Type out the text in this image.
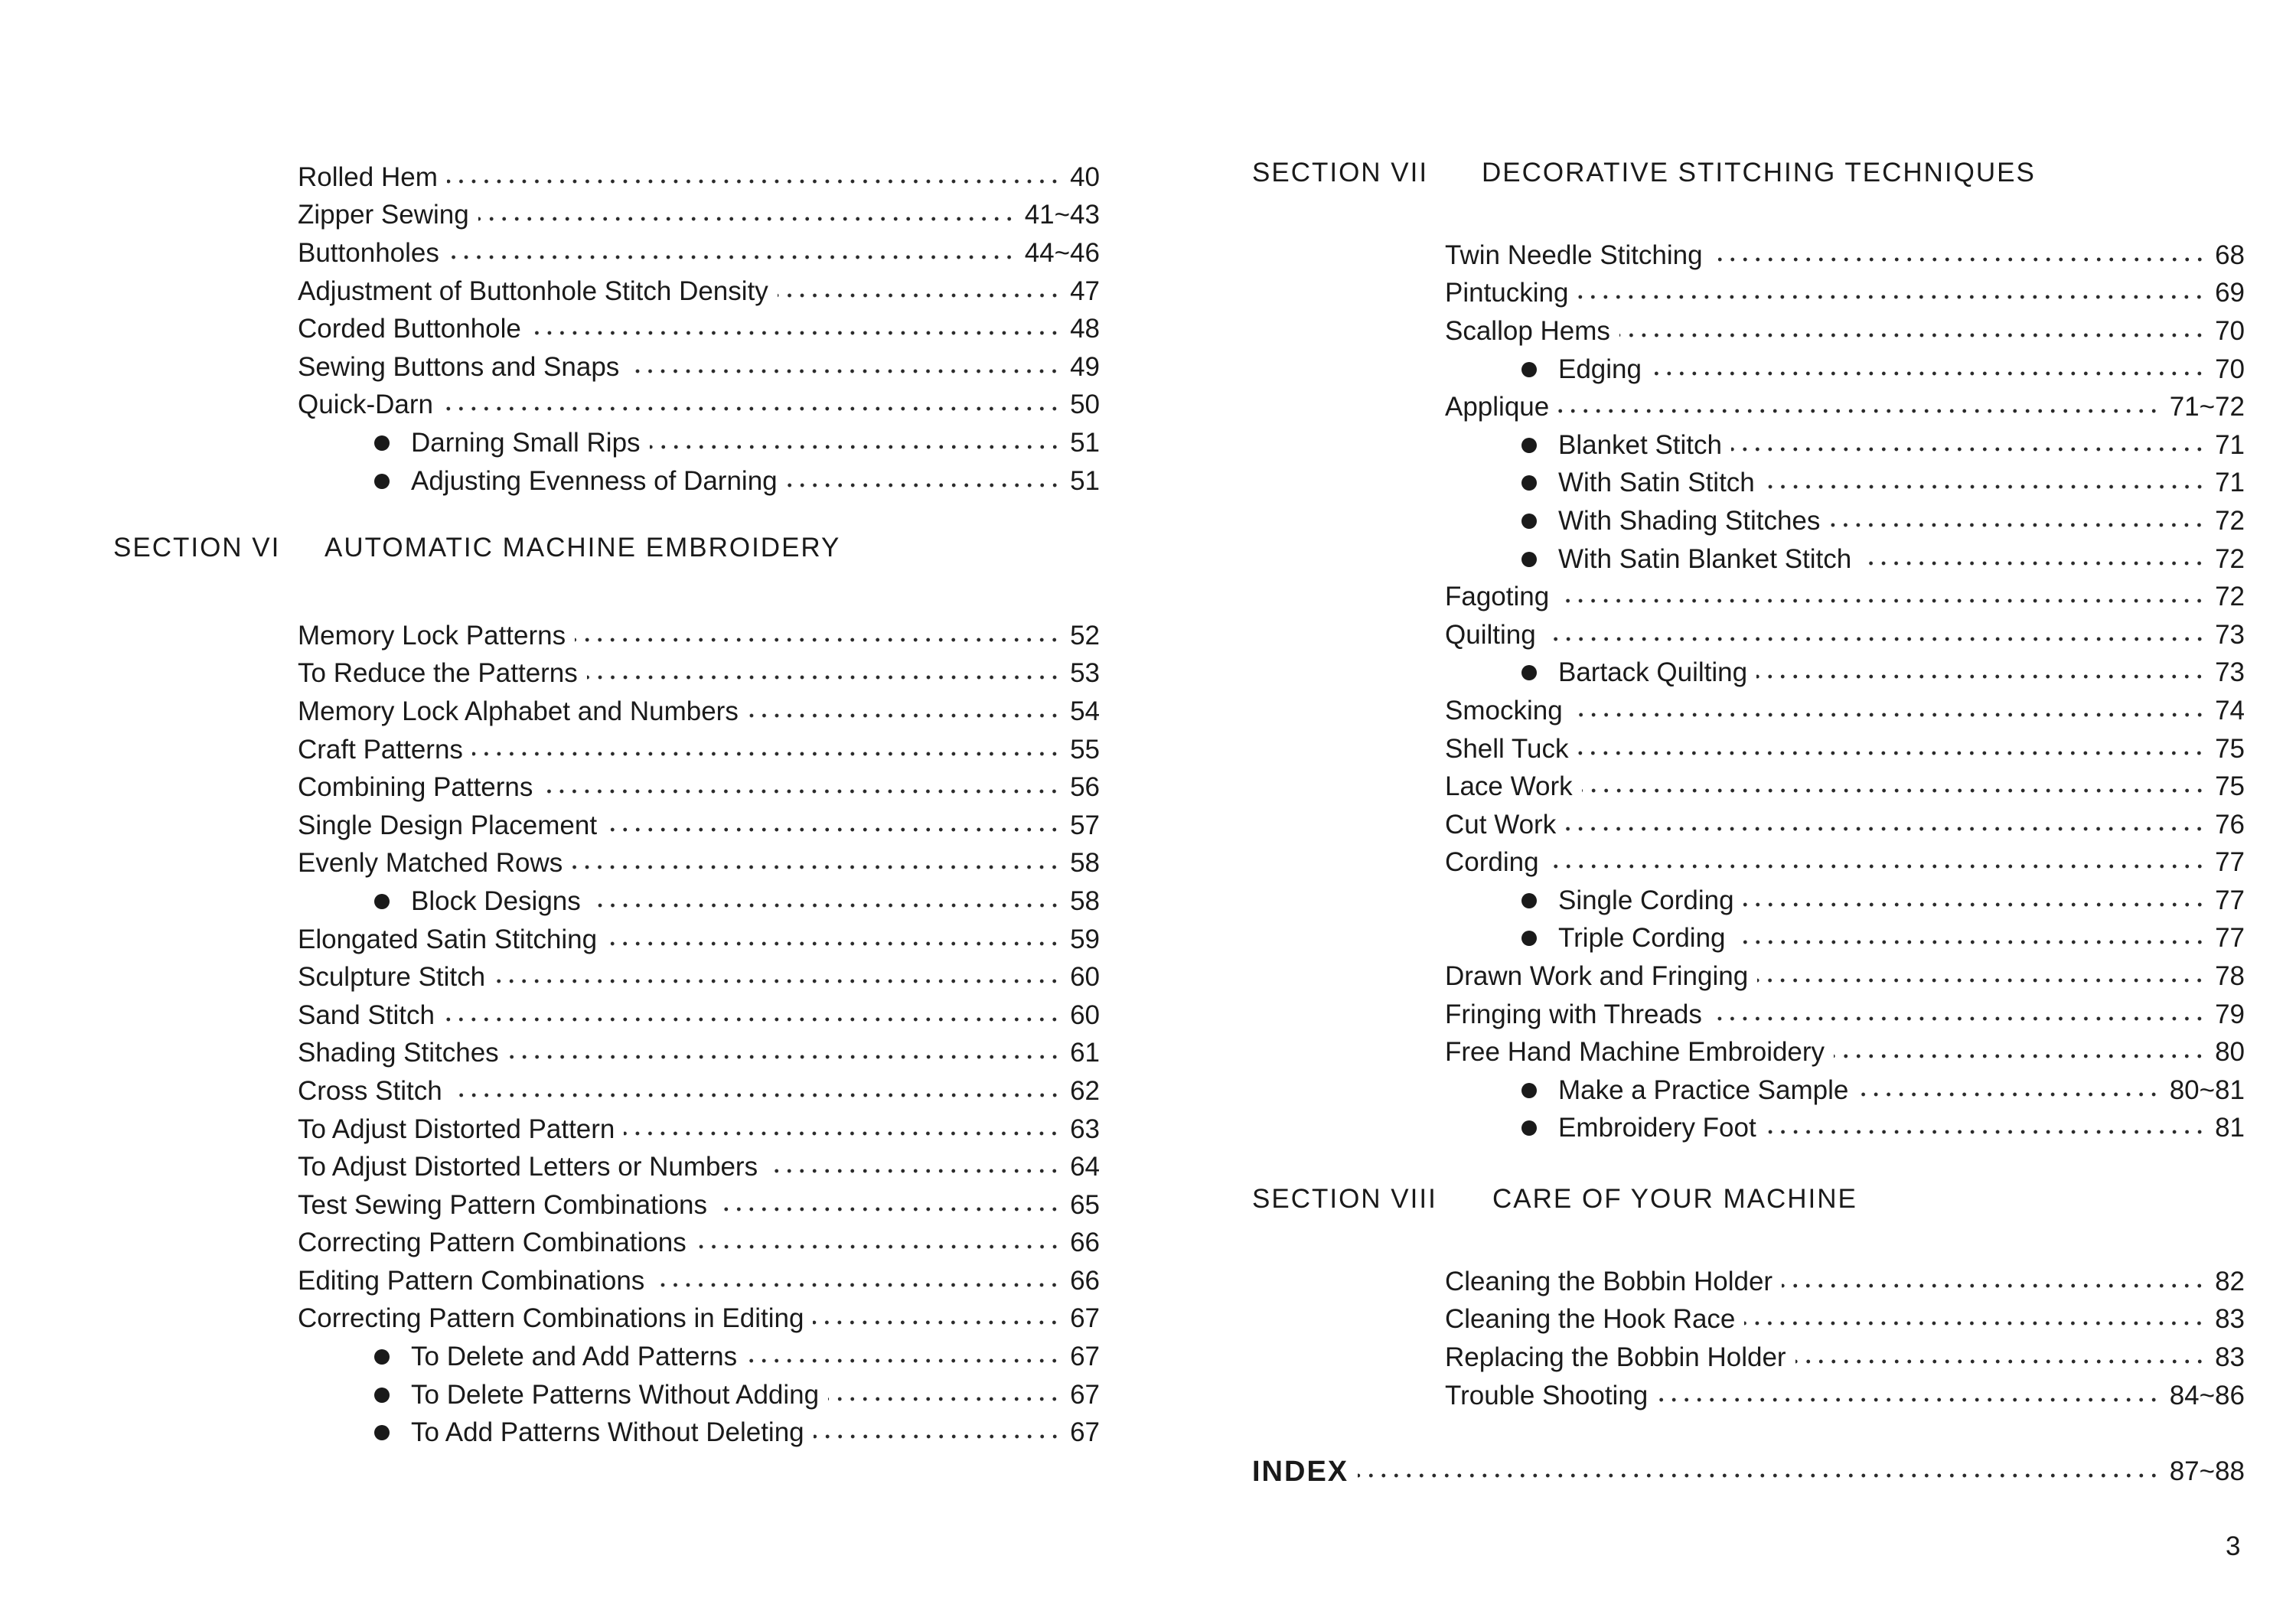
Rolled Hem	40
Zipper Sewing	41~43
Buttonholes	44~46
Adjustment of Buttonhole Stitch Density	47
Corded Buttonhole	48
Sewing Buttons and Snaps	49
Quick-Darn	50
Darning Small Rips	51
Adjusting Evenness of Darning	51
SECTION VI AUTOMATIC MACHINE EMBROIDERY
Memory Lock Patterns	52
To Reduce the Patterns	53
Memory Lock Alphabet and Numbers	54
Craft Patterns	55
Combining Patterns	56
Single Design Placement	57
Evenly Matched Rows	58
Block Designs	58
Elongated Satin Stitching	59
Sculpture Stitch	60
Sand Stitch	60
Shading Stitches	61
Cross Stitch	62
To Adjust Distorted Pattern	63
To Adjust Distorted Letters or Numbers	64
Test Sewing Pattern Combinations	65
Correcting Pattern Combinations	66
Editing Pattern Combinations	66
Correcting Pattern Combinations in Editing	67
To Delete and Add Patterns	67
To Delete Patterns Without Adding	67
To Add Patterns Without Deleting	67
SECTION VII DECORATIVE STITCHING TECHNIQUES
Twin Needle Stitching	68
Pintucking	69
Scallop Hems	70
Edging	70
Applique	71~72
Blanket Stitch	71
With Satin Stitch	71
With Shading Stitches	72
With Satin Blanket Stitch	72
Fagoting	72
Quilting	73
Bartack Quilting	73
Smocking	74
Shell Tuck	75
Lace Work	75
Cut Work	76
Cording	77
Single Cording	77
Triple Cording	77
Drawn Work and Fringing	78
Fringing with Threads	79
Free Hand Machine Embroidery	80
Make a Practice Sample	80~81
Embroidery Foot	81
SECTION VIII CARE OF YOUR MACHINE
Cleaning the Bobbin Holder	82
Cleaning the Hook Race	83
Replacing the Bobbin Holder	83
Trouble Shooting	84~86
INDEX	87~88
3
